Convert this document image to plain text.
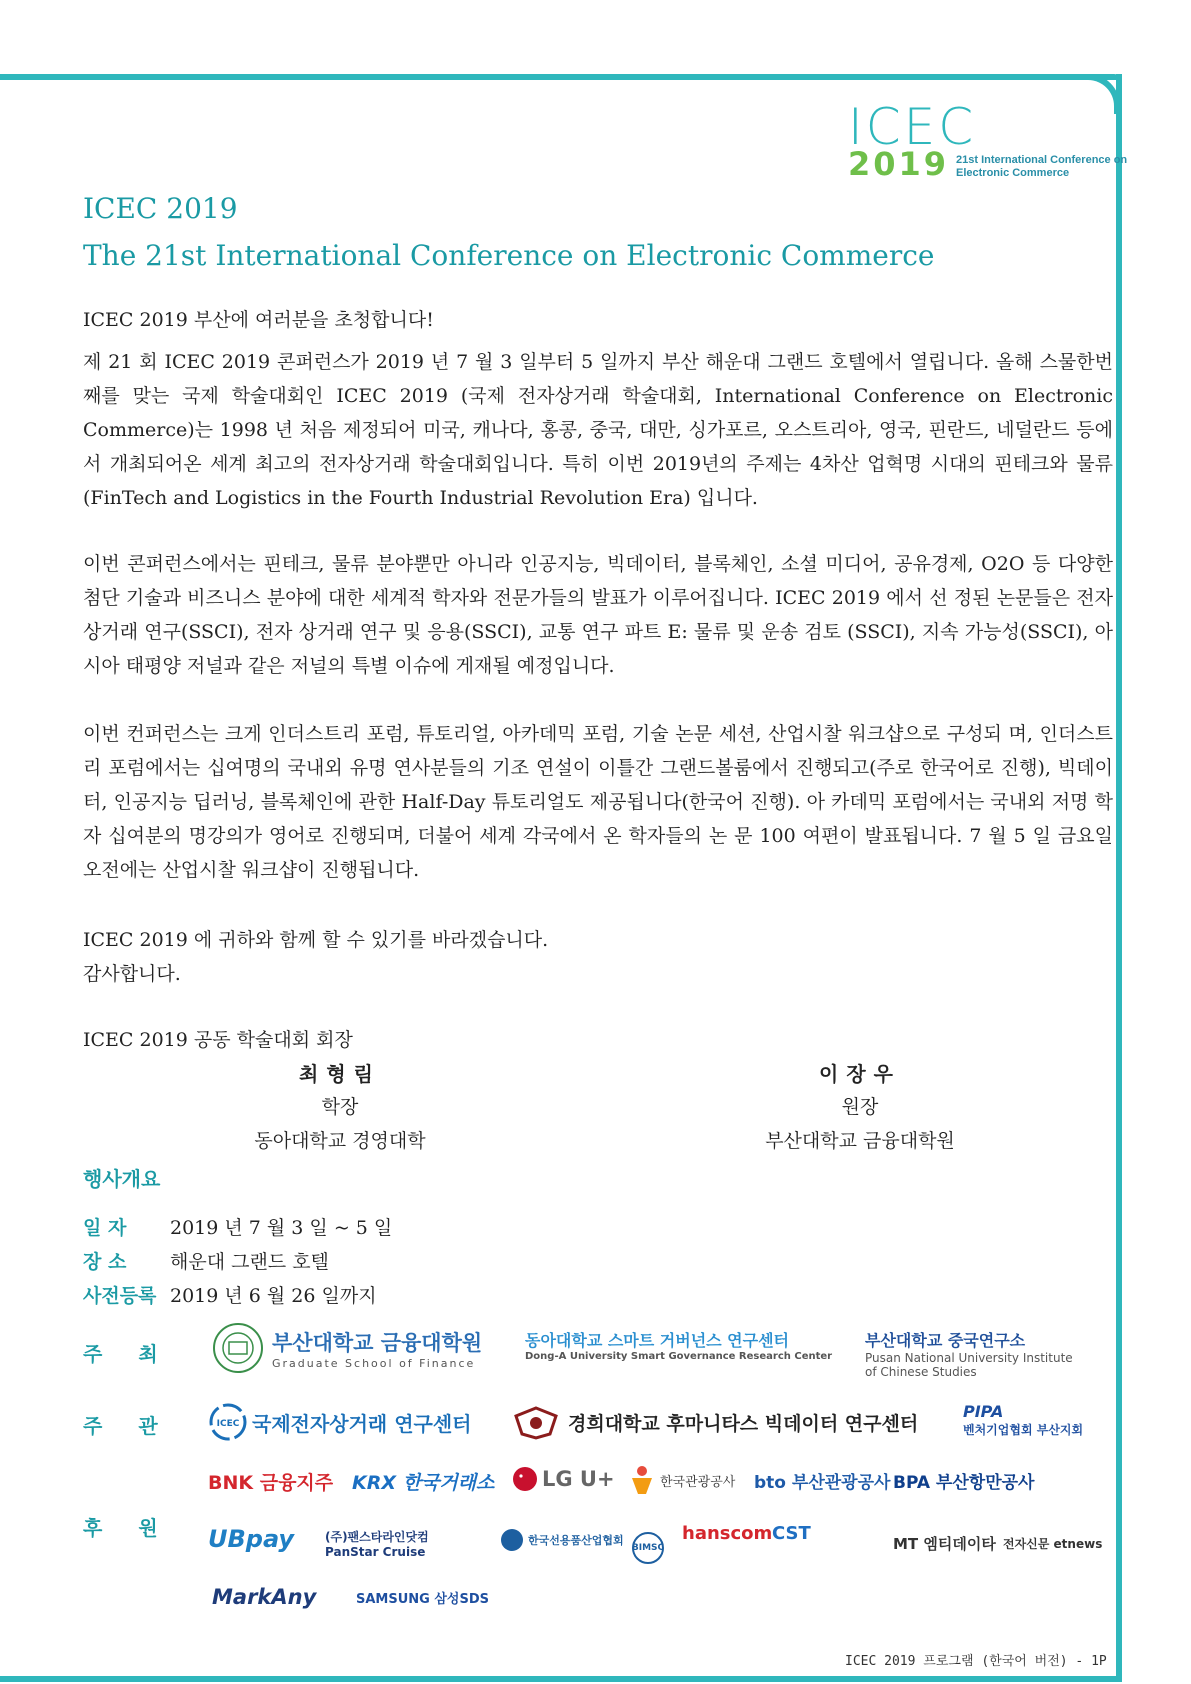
ICEC
2019 21st International Conference on
Electronic Commerce
ICEC 2019
The 21st International Conference on Electronic Commerce
ICEC 2019 부산에 여러분을 초청합니다!
제 21 회 ICEC 2019 콘퍼런스가 2019 년 7 월 3 일부터 5 일까지 부산 해운대 그랜드 호텔에서 열립니다. 올해 스물한번째를 맞는 국제 학술대회인 ICEC 2019 (국제 전자상거래 학술대회, International Conference on Electronic Commerce)는 1998 년 처음 제정되어 미국, 캐나다, 홍콩, 중국, 대만, 싱가포르, 오스트리아, 영국, 핀란드, 네덜란드 등에서 개최되어온 세계 최고의 전자상거래 학술대회입니다. 특히 이번 2019년의 주제는 4차산 업혁명 시대의 핀테크와 물류 (FinTech and Logistics in the Fourth Industrial Revolution Era) 입니다.
이번 콘퍼런스에서는 핀테크, 물류 분야뿐만 아니라 인공지능, 빅데이터, 블록체인, 소셜 미디어, 공유경제, O2O 등 다양한 첨단 기술과 비즈니스 분야에 대한 세계적 학자와 전문가들의 발표가 이루어집니다. ICEC 2019 에서 선 정된 논문들은 전자 상거래 연구(SSCI), 전자 상거래 연구 및 응용(SSCI), 교통 연구 파트 E: 물류 및 운송 검토 (SSCI), 지속 가능성(SSCI), 아시아 태평양 저널과 같은 저널의 특별 이슈에 게재될 예정입니다.
이번 컨퍼런스는 크게 인더스트리 포럼, 튜토리얼, 아카데믹 포럼, 기술 논문 세션, 산업시찰 워크샵으로 구성되 며, 인더스트리 포럼에서는 십여명의 국내외 유명 연사분들의 기조 연설이 이틀간 그랜드볼룸에서 진행되고(주로 한국어로 진행), 빅데이터, 인공지능 딥러닝, 블록체인에 관한 Half-Day 튜토리얼도 제공됩니다(한국어 진행). 아 카데믹 포럼에서는 국내외 저명 학자 십여분의 명강의가 영어로 진행되며, 더불어 세계 각국에서 온 학자들의 논 문 100 여편이 발표됩니다. 7 월 5 일 금요일 오전에는 산업시찰 워크샵이 진행됩니다.
ICEC 2019 에 귀하와 함께 할 수 있기를 바라겠습니다.
감사합니다.
ICEC 2019 공동 학술대회 회장
최형림
학장
동아대학교 경영대학
이장우
원장
부산대학교 금융대학원
행사개요
일 자 2019 년 7 월 3 일 ~ 5 일
장 소 해운대 그랜드 호텔
사전등록 2019 년 6 월 26 일까지
주최	부산대학교 금융대학원
Graduate School of Finance
동아대학교 스마트 거버넌스 연구센터
Dong-A University Smart Governance Research Center
부산대학교 중국연구소
Pusan National University Institute
of Chinese Studies
주관	ICEC 국제전자상거래 연구센터	경희대학교 후마니타스 빅데이터 연구센터
PIPA
벤처기업협회 부산지회
후원
BNK 금융지주 KRX 한국거래소 LG U+	한국관광공사 bto 부산관광공사 BPA 부산항만공사
UBpay	(주)팬스타라인닷컴 PanStar Cruise
한국선용품산업협회
BIMSC
hanscom CST	MT 엠티데이타 전자신문 etnews
MarkAny	SAMSUNG 삼성SDS
ICEC 2019 프로그램 (한국어 버전) - 1P
